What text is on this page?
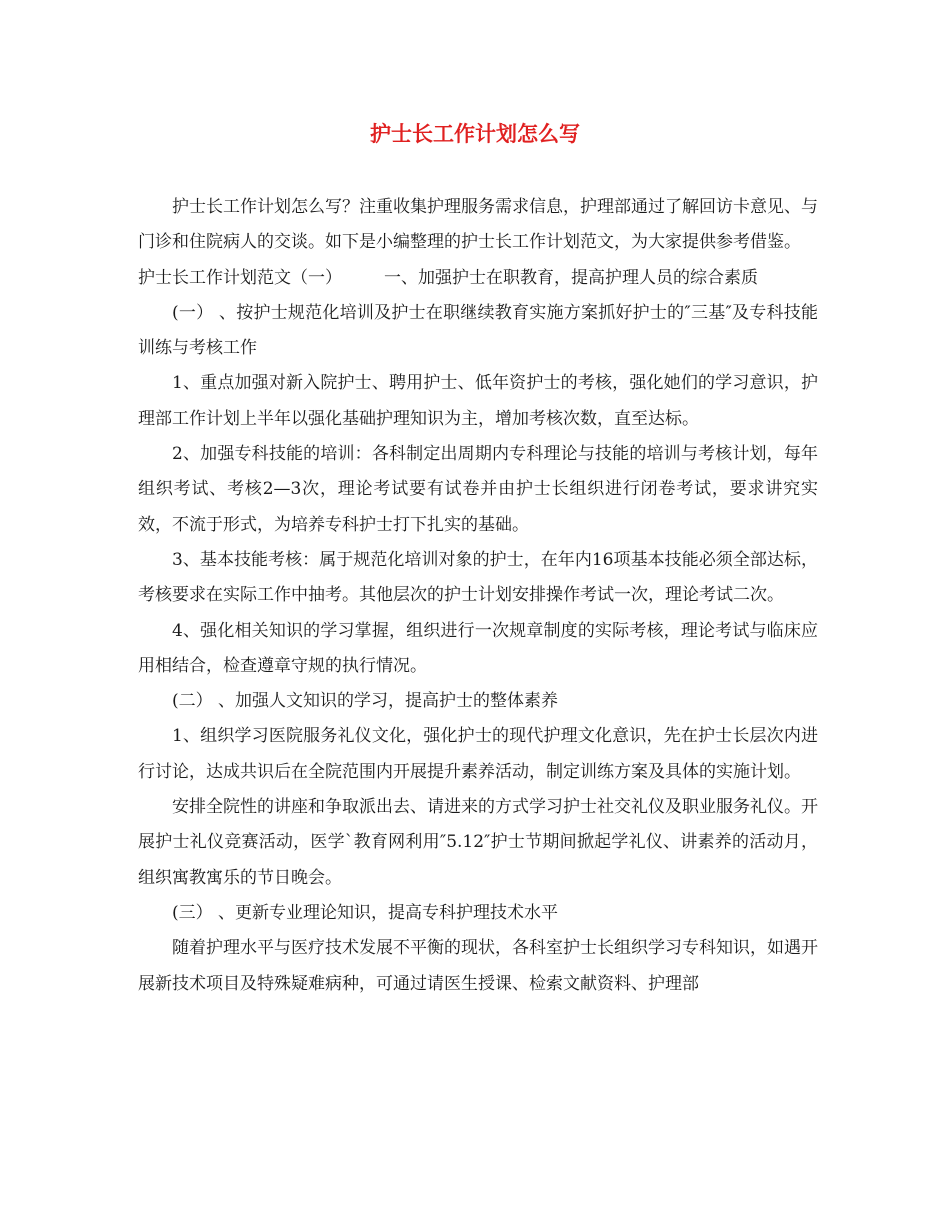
护士长工作计划怎么写

护士长工作计划怎么写？注重收集护理服务需求信息，护理部通过了解回访卡意见、与门诊和住院病人的交谈。如下是小编整理的护士长工作计划范文，为大家提供参考借鉴。

护士长工作计划范文（一） 一、加强护士在职教育，提高护理人员的综合素质

(一） 、按护士规范化培训及护士在职继续教育实施方案抓好护士的″三基″及专科技能训练与考核工作

1、重点加强对新入院护士、聘用护士、低年资护士的考核，强化她们的学习意识，护理部工作计划上半年以强化基础护理知识为主，增加考核次数，直至达标。

2、加强专科技能的培训：各科制定出周期内专科理论与技能的培训与考核计划，每年组织考试、考核2—3次，理论考试要有试卷并由护士长组织进行闭卷考试，要求讲究实效，不流于形式，为培养专科护士打下扎实的基础。

3、基本技能考核：属于规范化培训对象的护士，在年内16项基本技能必须全部达标，考核要求在实际工作中抽考。其他层次的护士计划安排操作考试一次，理论考试二次。

4、强化相关知识的学习掌握，组织进行一次规章制度的实际考核，理论考试与临床应用相结合，检查遵章守规的执行情况。

(二） 、加强人文知识的学习，提高护士的整体素养

1、组织学习医院服务礼仪文化，强化护士的现代护理文化意识，先在护士长层次内进行讨论，达成共识后在全院范围内开展提升素养活动，制定训练方案及具体的实施计划。

安排全院性的讲座和争取派出去、请进来的方式学习护士社交礼仪及职业服务礼仪。开展护士礼仪竞赛活动，医学`教育网利用″5.12″护士节期间掀起学礼仪、讲素养的活动月，组织寓教寓乐的节日晚会。

(三） 、更新专业理论知识，提高专科护理技术水平

随着护理水平与医疗技术发展不平衡的现状，各科室护士长组织学习专科知识，如遇开展新技术项目及特殊疑难病种，可通过请医生授课、检索文献资料、护理部
